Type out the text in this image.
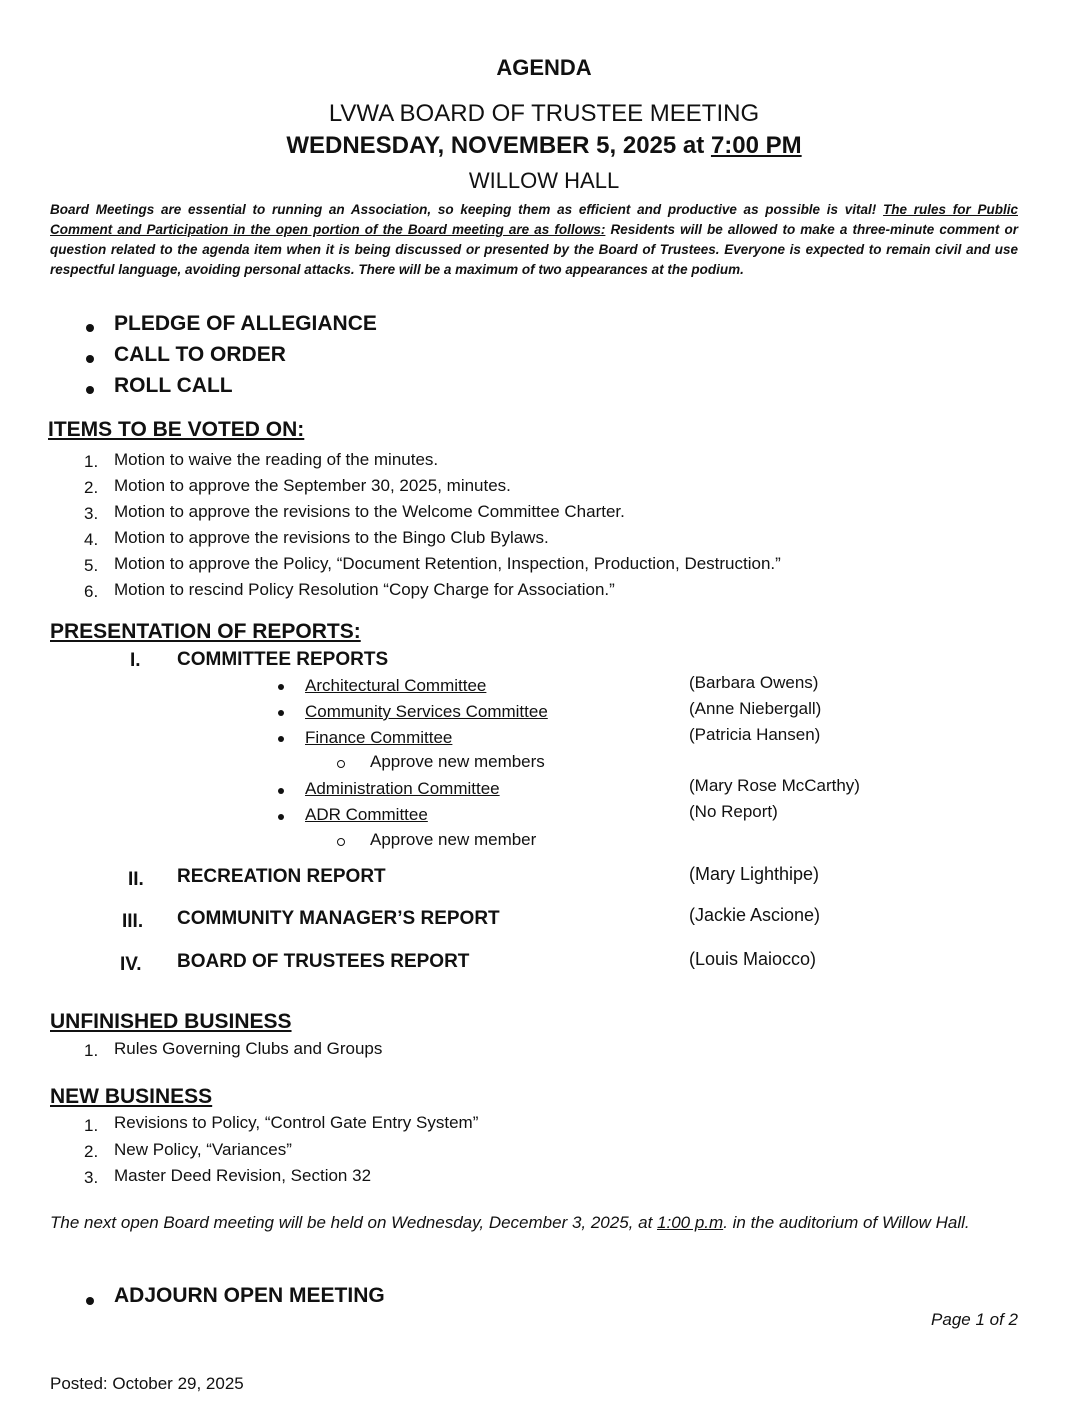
AGENDA
LVWA BOARD OF TRUSTEE MEETING
WEDNESDAY, NOVEMBER 5, 2025 at 7:00 PM
WILLOW HALL
Board Meetings are essential to running an Association, so keeping them as efficient and productive as possible is vital! The rules for Public Comment and Participation in the open portion of the Board meeting are as follows: Residents will be allowed to make a three-minute comment or question related to the agenda item when it is being discussed or presented by the Board of Trustees. Everyone is expected to remain civil and use respectful language, avoiding personal attacks. There will be a maximum of two appearances at the podium.
PLEDGE OF ALLEGIANCE
CALL TO ORDER
ROLL CALL
ITEMS TO BE VOTED ON:
1. Motion to waive the reading of the minutes.
2. Motion to approve the September 30, 2025, minutes.
3. Motion to approve the revisions to the Welcome Committee Charter.
4. Motion to approve the revisions to the Bingo Club Bylaws.
5. Motion to approve the Policy, “Document Retention, Inspection, Production, Destruction.”
6. Motion to rescind Policy Resolution “Copy Charge for Association.”
PRESENTATION OF REPORTS:
I. COMMITTEE REPORTS
Architectural Committee	(Barbara Owens)
Community Services Committee	(Anne Niebergall)
Finance Committee	(Patricia Hansen)
Approve new members
Administration Committee	(Mary Rose McCarthy)
ADR Committee	(No Report)
Approve new member
II. RECREATION REPORT	(Mary Lighthipe)
III. COMMUNITY MANAGER’S REPORT	(Jackie Ascione)
IV. BOARD OF TRUSTEES REPORT	(Louis Maiocco)
UNFINISHED BUSINESS
1. Rules Governing Clubs and Groups
NEW BUSINESS
1. Revisions to Policy, “Control Gate Entry System”
2. New Policy, “Variances”
3. Master Deed Revision, Section 32
The next open Board meeting will be held on Wednesday, December 3, 2025, at 1:00 p.m. in the auditorium of Willow Hall.
ADJOURN OPEN MEETING
Page 1 of 2
Posted: October 29, 2025
